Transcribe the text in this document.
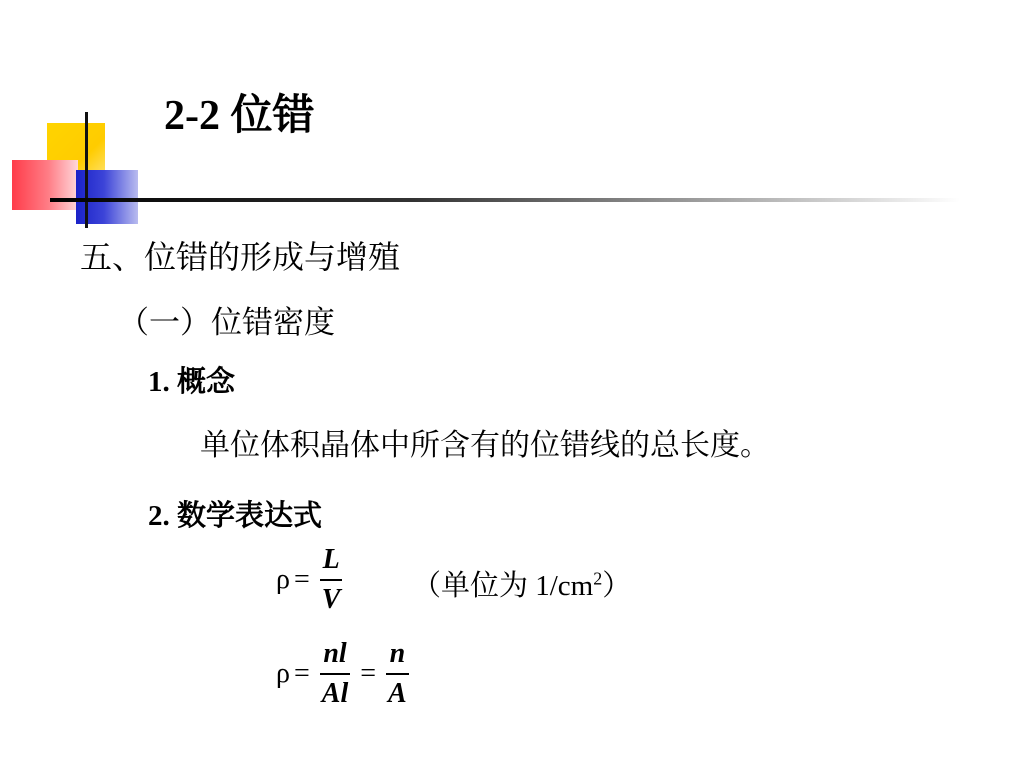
2-2 位错
五、位错的形成与增殖
（一）位错密度
1. 概念
单位体积晶体中所含有的位错线的总长度。
2. 数学表达式
$\rho = \frac{L}{V}$ （单位为 $1/cm^2$）
$\rho = \frac{nl}{Al} = \frac{n}{A}$
